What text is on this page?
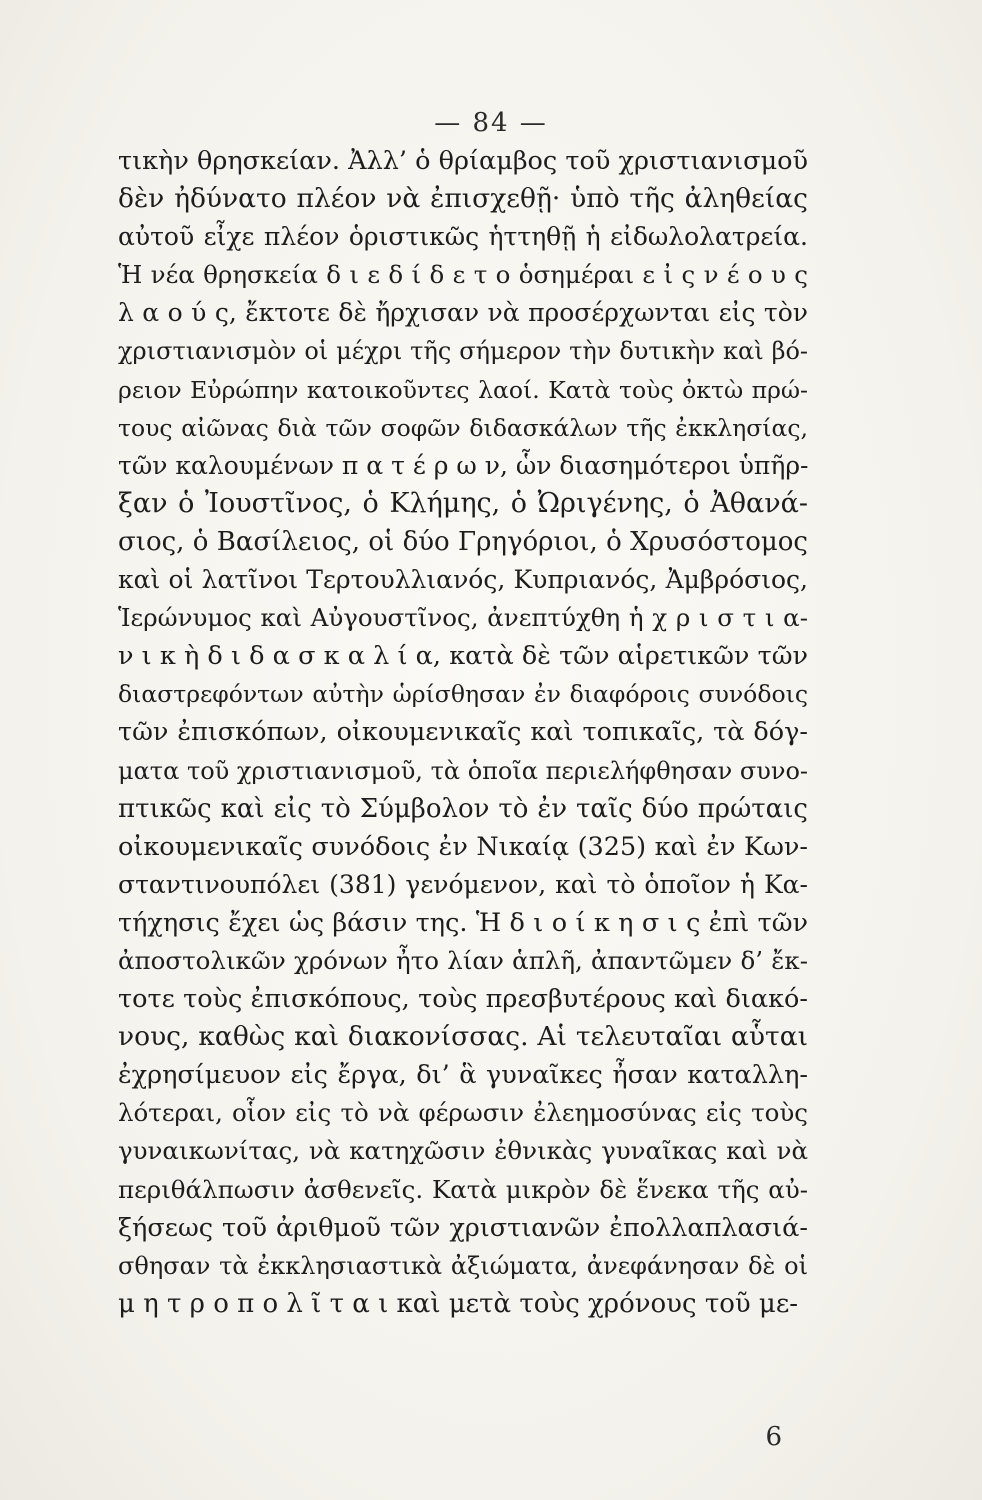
— 84 —
τικὴν θρησκείαν. Ἀλλ’ ὁ θρίαμβος τοῦ χριστιανισμοῦ
δὲν ἠδύνατο πλέον νὰ ἐπισχεθῇ· ὑπὸ τῆς ἀληθείας
αὐτοῦ εἶχε πλέον ὁριστικῶς ἡττηθῇ ἡ εἰδωλολατρεία.
Ἡ νέα θρησκεία δ ι ε δ ί δ ε τ ο ὁσημέραι ε ἰ ς ν έ ο υ ς
λ α ο ύ ς, ἔκτοτε δὲ ἤρχισαν νὰ προσέρχωνται εἰς τὸν
χριστιανισμὸν οἱ μέχρι τῆς σήμερον τὴν δυτικὴν καὶ βό-
ρειον Εὐρώπην κατοικοῦντες λαοί. Κατὰ τοὺς ὀκτὼ πρώ-
τους αἰῶνας διὰ τῶν σοφῶν διδασκάλων τῆς ἐκκλησίας,
τῶν καλουμένων π α τ έ ρ ω ν, ὧν διασημότεροι ὑπῆρ-
ξαν ὁ Ἰουστῖνος, ὁ Κλήμης, ὁ Ὠριγένης, ὁ Ἀθανά-
σιος, ὁ Βασίλειος, οἱ δύο Γρηγόριοι, ὁ Χρυσόστομος
καὶ οἱ λατῖνοι Τερτουλλιανός, Κυπριανός, Ἀμβρόσιος,
Ἱερώνυμος καὶ Αὐγουστῖνος, ἀνεπτύχθη ἡ χ ρ ι σ τ ι α-
ν ι κ ὴ δ ι δ α σ κ α λ ί α, κατὰ δὲ τῶν αἱρετικῶν τῶν
διαστρεφόντων αὐτὴν ὡρίσθησαν ἐν διαφόροις συνόδοις
τῶν ἐπισκόπων, οἰκουμενικαῖς καὶ τοπικαῖς, τὰ δόγ-
ματα τοῦ χριστιανισμοῦ, τὰ ὁποῖα περιελήφθησαν συνο-
πτικῶς καὶ εἰς τὸ Σύμβολον τὸ ἐν ταῖς δύο πρώταις
οἰκουμενικαῖς συνόδοις ἐν Νικαίᾳ (325) καὶ ἐν Κων-
σταντινουπόλει (381) γενόμενον, καὶ τὸ ὁποῖον ἡ Κα-
τήχησις ἔχει ὡς βάσιν της. Ἡ δ ι ο ί κ η σ ι ς ἐπὶ τῶν
ἀποστολικῶν χρόνων ἦτο λίαν ἁπλῆ, ἀπαντῶμεν δ’ ἔκ-
τοτε τοὺς ἐπισκόπους, τοὺς πρεσβυτέρους καὶ διακό-
νους, καθὼς καὶ διακονίσσας. Αἱ τελευταῖαι αὗται
ἐχρησίμευον εἰς ἔργα, δι’ ἃ γυναῖκες ἦσαν καταλλη-
λότεραι, οἷον εἰς τὸ νὰ φέρωσιν ἐλεημοσύνας εἰς τοὺς
γυναικωνίτας, νὰ κατηχῶσιν ἐθνικὰς γυναῖκας καὶ νὰ
περιθάλπωσιν ἀσθενεῖς. Κατὰ μικρὸν δὲ ἕνεκα τῆς αὐ-
ξήσεως τοῦ ἀριθμοῦ τῶν χριστιανῶν ἐπολλαπλασιά-
σθησαν τὰ ἐκκλησιαστικὰ ἀξιώματα, ἀνεφάνησαν δὲ οἱ
μ η τ ρ ο π ο λ ῖ τ α ι καὶ μετὰ τοὺς χρόνους τοῦ με-
6
